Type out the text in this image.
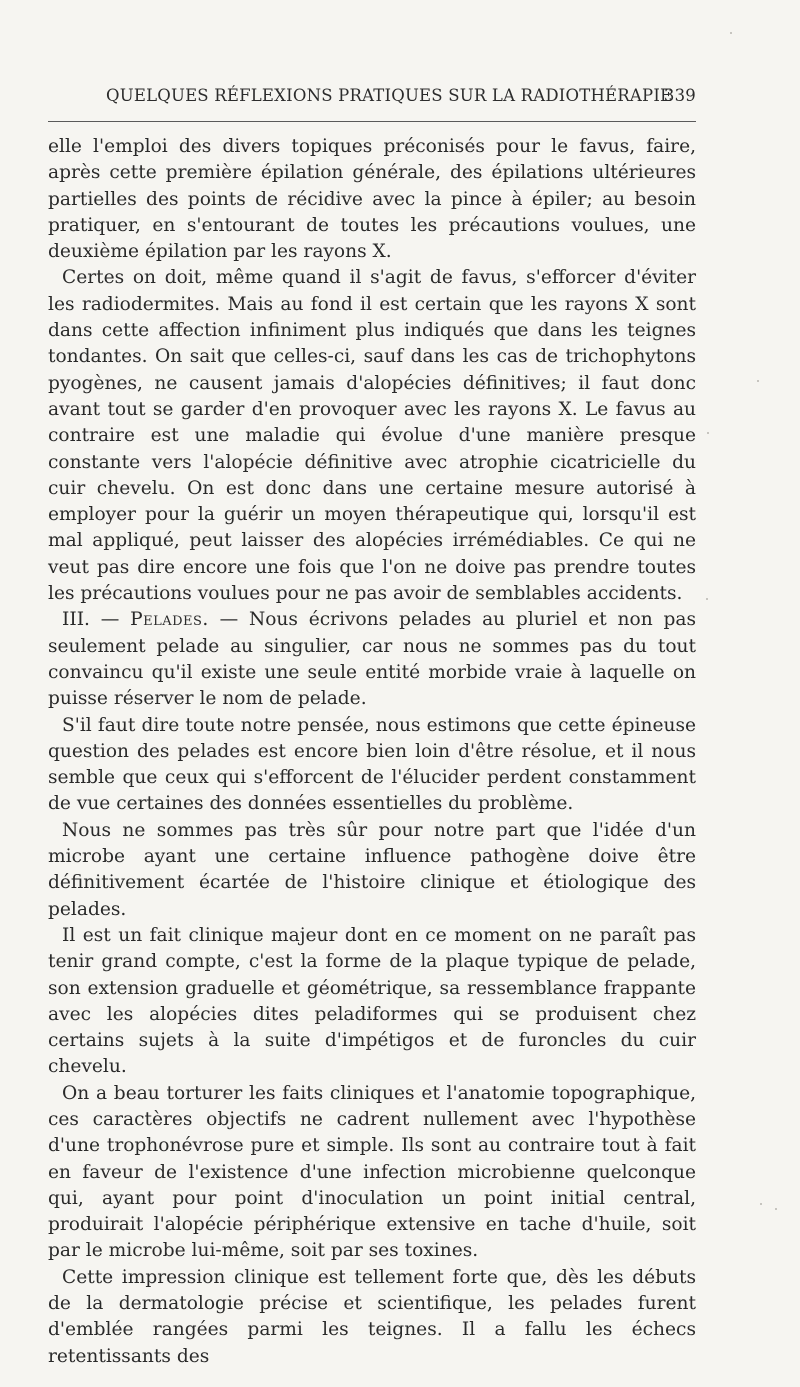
QUELQUES RÉFLEXIONS PRATIQUES SUR LA RADIOTHÉRAPIE
339

elle l'emploi des divers topiques préconisés pour le favus, faire, après cette première épilation générale, des épilations ultérieures partielles des points de récidive avec la pince à épiler; au besoin pratiquer, en s'entourant de toutes les précautions voulues, une deuxième épilation par les rayons X.

Certes on doit, même quand il s'agit de favus, s'efforcer d'éviter les radiodermites. Mais au fond il est certain que les rayons X sont dans cette affection infiniment plus indiqués que dans les teignes tondantes. On sait que celles-ci, sauf dans les cas de trichophytons pyogènes, ne causent jamais d'alopécies définitives; il faut donc avant tout se garder d'en provoquer avec les rayons X. Le favus au contraire est une maladie qui évolue d'une manière presque constante vers l'alopécie définitive avec atrophie cicatricielle du cuir chevelu. On est donc dans une certaine mesure autorisé à employer pour la guérir un moyen thérapeutique qui, lorsqu'il est mal appliqué, peut laisser des alopécies irrémédiables. Ce qui ne veut pas dire encore une fois que l'on ne doive pas prendre toutes les précautions voulues pour ne pas avoir de semblables accidents.

III. — Pelades. — Nous écrivons pelades au pluriel et non pas seulement pelade au singulier, car nous ne sommes pas du tout convaincu qu'il existe une seule entité morbide vraie à laquelle on puisse réserver le nom de pelade.

S'il faut dire toute notre pensée, nous estimons que cette épineuse question des pelades est encore bien loin d'être résolue, et il nous semble que ceux qui s'efforcent de l'élucider perdent constamment de vue certaines des données essentielles du problème.

Nous ne sommes pas très sûr pour notre part que l'idée d'un microbe ayant une certaine influence pathogène doive être définitivement écartée de l'histoire clinique et étiologique des pelades.

Il est un fait clinique majeur dont en ce moment on ne paraît pas tenir grand compte, c'est la forme de la plaque typique de pelade, son extension graduelle et géométrique, sa ressemblance frappante avec les alopécies dites peladiformes qui se produisent chez certains sujets à la suite d'impétigos et de furoncles du cuir chevelu.

On a beau torturer les faits cliniques et l'anatomie topographique, ces caractères objectifs ne cadrent nullement avec l'hypothèse d'une trophonévrose pure et simple. Ils sont au contraire tout à fait en faveur de l'existence d'une infection microbienne quelconque qui, ayant pour point d'inoculation un point initial central, produirait l'alopécie périphérique extensive en tache d'huile, soit par le microbe lui-même, soit par ses toxines.

Cette impression clinique est tellement forte que, dès les débuts de la dermatologie précise et scientifique, les pelades furent d'emblée rangées parmi les teignes. Il a fallu les échecs retentissants des
